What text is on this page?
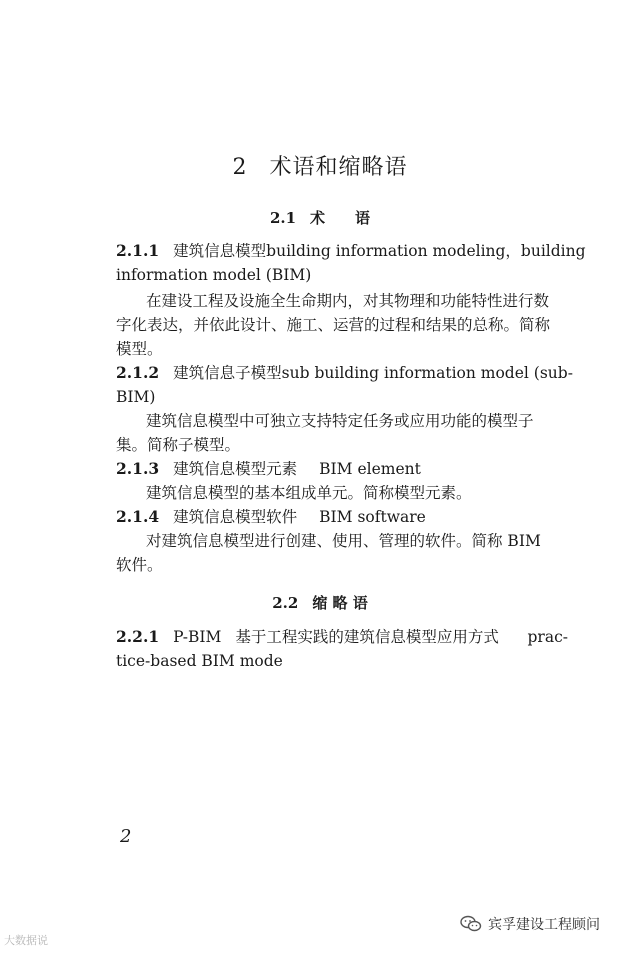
2 术语和缩略语
2.1 术　　语
2.1.1 建筑信息模型 building information modeling，building
information model (BIM)
在建设工程及设施全生命期内，对其物理和功能特性进行数
字化表达，并依此设计、施工、运营的过程和结果的总称。简称
模型。
2.1.2 建筑信息子模型 sub building information model (sub-
BIM)
建筑信息模型中可独立支持特定任务或应用功能的模型子
集。简称子模型。
2.1.3 建筑信息模型元素 BIM element
建筑信息模型的基本组成单元。简称模型元素。
2.1.4 建筑信息模型软件 BIM software
对建筑信息模型进行创建、使用、管理的软件。简称 BIM
软件。
2.2 缩 略 语
2.2.1 P-BIM 基于工程实践的建筑信息模型应用方式 prac-
tice-based BIM mode
2
大数据说
宾孚建设工程顾问
